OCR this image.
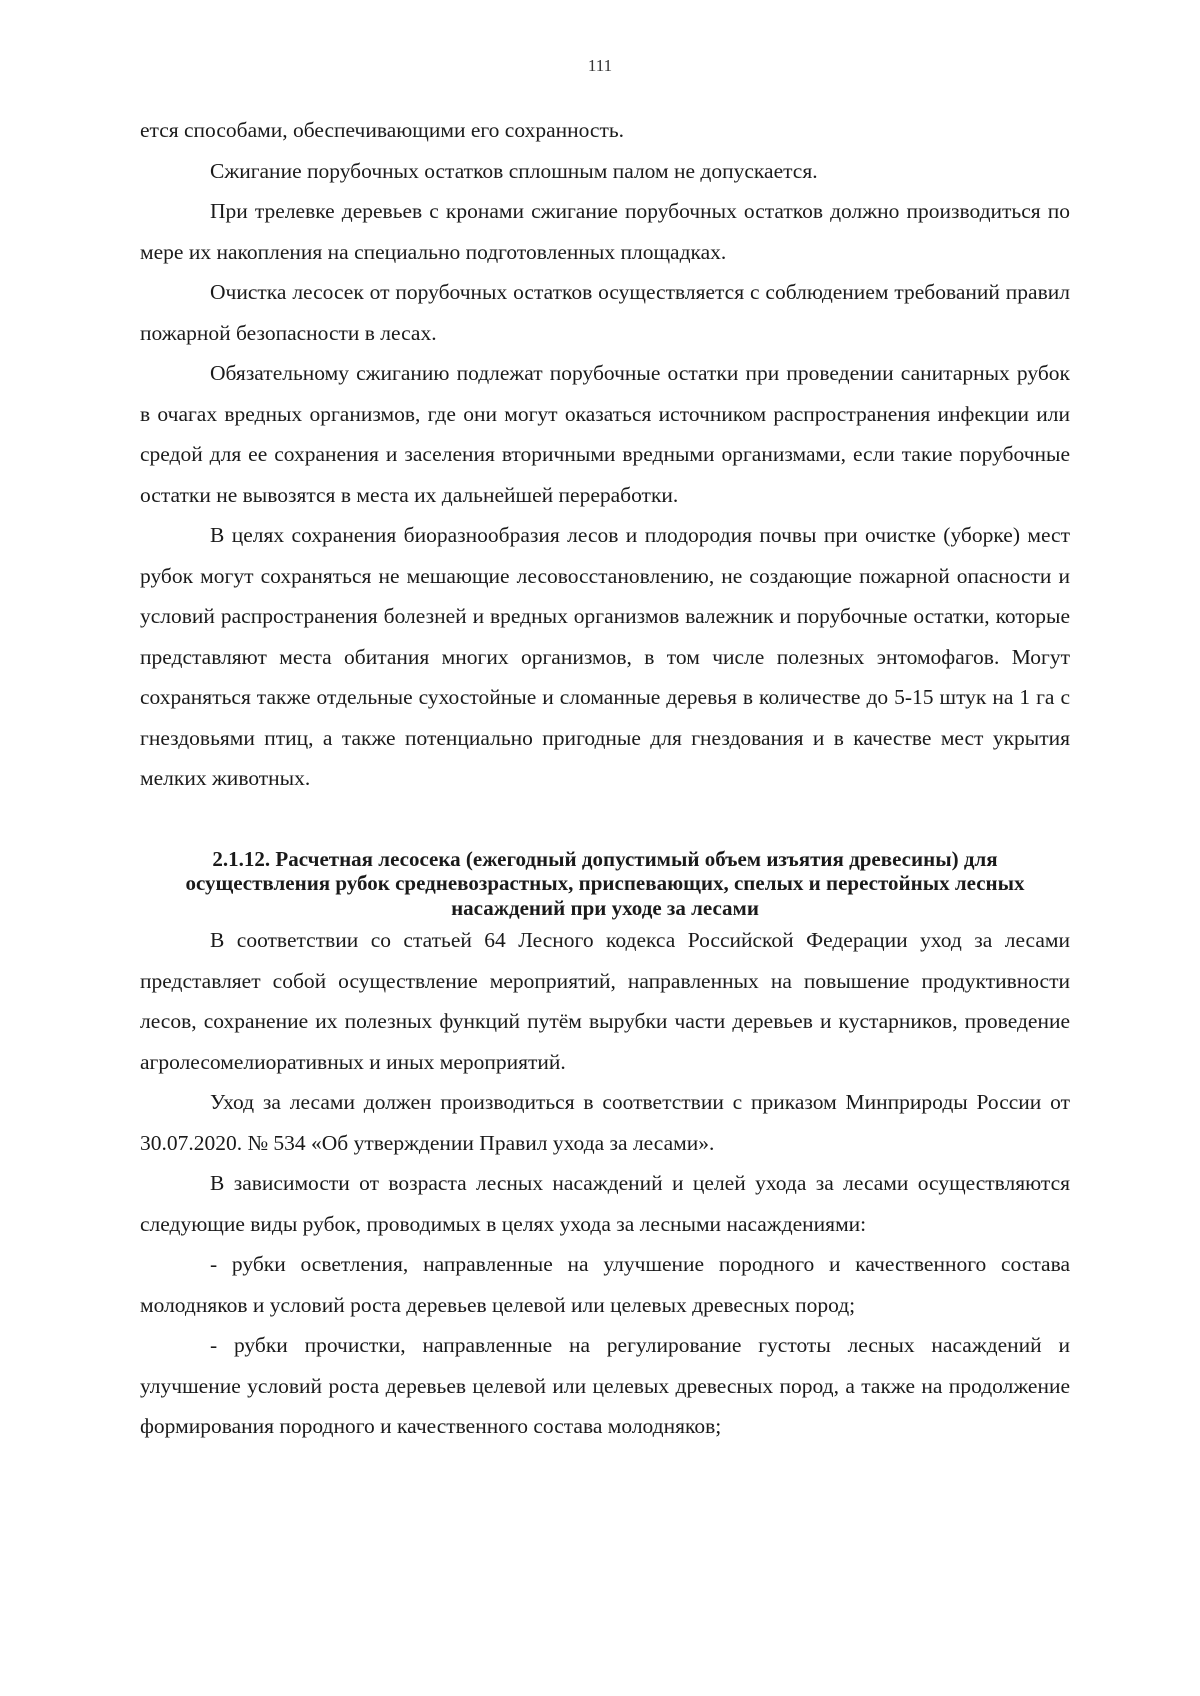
111

ется способами, обеспечивающими его сохранность.

Сжигание порубочных остатков сплошным палом не допускается.

При трелевке деревьев с кронами сжигание порубочных остатков должно производиться по мере их накопления на специально подготовленных площадках.

Очистка лесосек от порубочных остатков осуществляется с соблюдением требований правил пожарной безопасности в лесах.

Обязательному сжиганию подлежат порубочные остатки при проведении санитарных рубок в очагах вредных организмов, где они могут оказаться источником распространения инфекции или средой для ее сохранения и заселения вторичными вредными организмами, если такие порубочные остатки не вывозятся в места их дальнейшей переработки.

В целях сохранения биоразнообразия лесов и плодородия почвы при очистке (уборке) мест рубок могут сохраняться не мешающие лесовосстановлению, не создающие пожарной опасности и условий распространения болезней и вредных организмов валежник и порубочные остатки, которые представляют места обитания многих организмов, в том числе полезных энтомофагов. Могут сохраняться также отдельные сухостойные и сломанные деревья в количестве до 5-15 штук на 1 га с гнездовьями птиц, а также потенциально пригодные для гнездования и в качестве мест укрытия мелких животных.

2.1.12. Расчетная лесосека (ежегодный допустимый объем изъятия древесины) для осуществления рубок средневозрастных, приспевающих, спелых и перестойных лесных насаждений при уходе за лесами

В соответствии со статьей 64 Лесного кодекса Российской Федерации уход за лесами представляет собой осуществление мероприятий, направленных на повышение продуктивности лесов, сохранение их полезных функций путём вырубки части деревьев и кустарников, проведение агролесомелиоративных и иных мероприятий.

Уход за лесами должен производиться в соответствии с приказом Минприроды России от 30.07.2020. № 534 «Об утверждении Правил ухода за лесами».

В зависимости от возраста лесных насаждений и целей ухода за лесами осуществляются следующие виды рубок, проводимых в целях ухода за лесными насаждениями:

- рубки осветления, направленные на улучшение породного и качественного состава молодняков и условий роста деревьев целевой или целевых древесных пород;

- рубки прочистки, направленные на регулирование густоты лесных насаждений и улучшение условий роста деревьев целевой или целевых древесных пород, а также на продолжение формирования породного и качественного состава молодняков;
